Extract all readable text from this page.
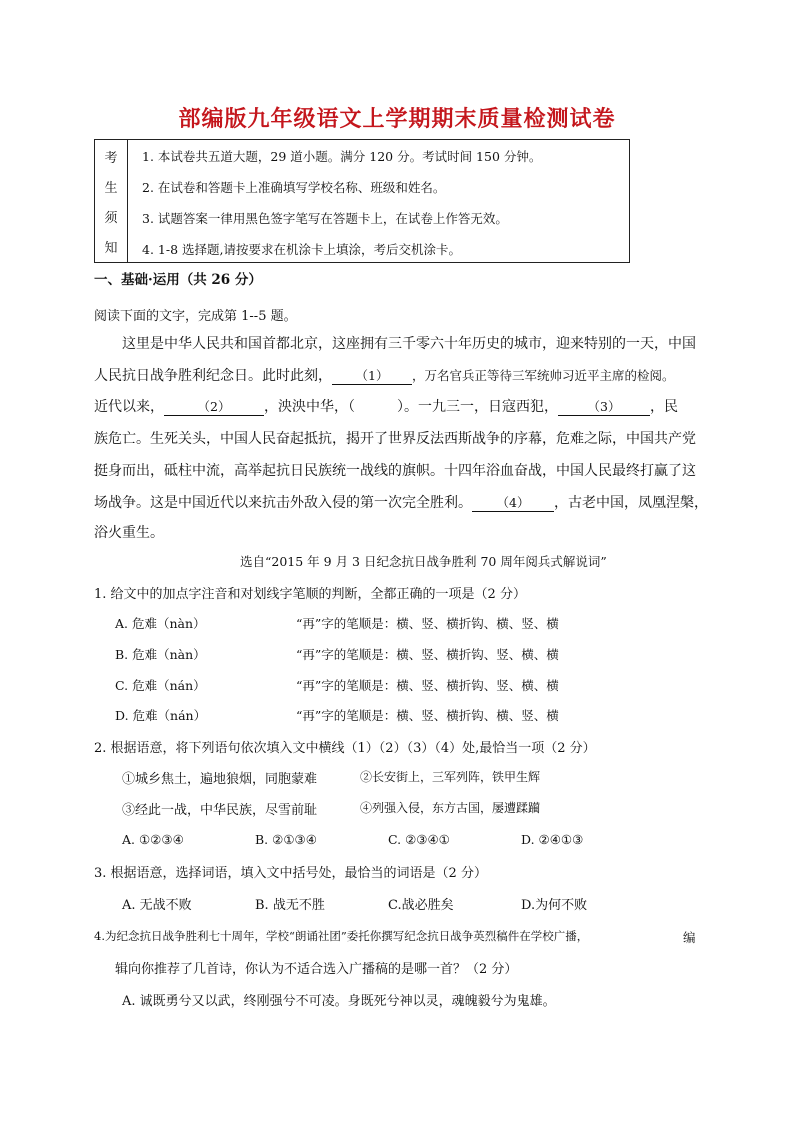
部编版九年级语文上学期期末质量检测试卷
考
生
须
知
1. 本试卷共五道大题，29 道小题。满分 120 分。考试时间 150 分钟。
2. 在试卷和答题卡上准确填写学校名称、班级和姓名。
3. 试题答案一律用黑色签字笔写在答题卡上，在试卷上作答无效。
4. 1-8 选择题,请按要求在机涂卡上填涂，考后交机涂卡。
一、基础·运用（共 26 分）
阅读下面的文字，完成第 1--5 题。
这里是中华人民共和国首都北京，这座拥有三千零六十年历史的城市，迎来特别的一天，中国
人民抗日战争胜利纪念日。此时此刻， （1） ，万名官兵正等待三军统帅习近平主席的检阅。
近代以来，	（2） ，泱泱中华，（　　　）。一九三一，日寇西犯， （3） ，民
族危亡。生死关头，中国人民奋起抵抗，揭开了世界反法西斯战争的序幕，危难之际，中国共产党
挺身而出，砥柱中流，高举起抗日民族统一战线的旗帜。十四年浴血奋战，中国人民最终打赢了这
场战争。这是中国近代以来抗击外敌入侵的第一次完全胜利。 （4） ，古老中国，凤凰涅槃，
浴火重生。
选自“2015 年 9 月 3 日纪念抗日战争胜利 70 周年阅兵式解说词”
1. 给文中的加点字注音和对划线字笔顺的判断，全都正确的一项是（2 分）
A. 危难（nàn）	“再”字的笔顺是：横、竖、横折钩、横、竖、横
B. 危难（nàn）	“再”字的笔顺是：横、竖、横折钩、竖、横、横
C. 危难（nán）	“再”字的笔顺是：横、竖、横折钩、竖、横、横
D. 危难（nán）	“再”字的笔顺是：横、竖、横折钩、横、竖、横
2. 根据语意，将下列语句依次填入文中横线（1）（2）（3）（4）处,最恰当一项（2 分）
①城乡焦土，遍地狼烟，同胞蒙难	②长安街上，三军列阵，铁甲生辉
③经此一战，中华民族，尽雪前耻	④列强入侵，东方古国，屡遭蹂躏
A. ①②③④	B. ②①③④	C. ②③④①	D. ②④①③
3. 根据语意，选择词语，填入文中括号处，最恰当的词语是（2 分）
A. 无战不败	B. 战无不胜	C.战必胜矣	D.为何不败
4.为纪念抗日战争胜利七十周年，学校“朗诵社团”委托你撰写纪念抗日战争英烈稿件在学校广播，	编
辑向你推荐了几首诗，你认为不适合选入广播稿的是哪一首？（2 分）
A. 诚既勇兮又以武，终刚强兮不可凌。身既死兮神以灵，魂魄毅兮为鬼雄。
